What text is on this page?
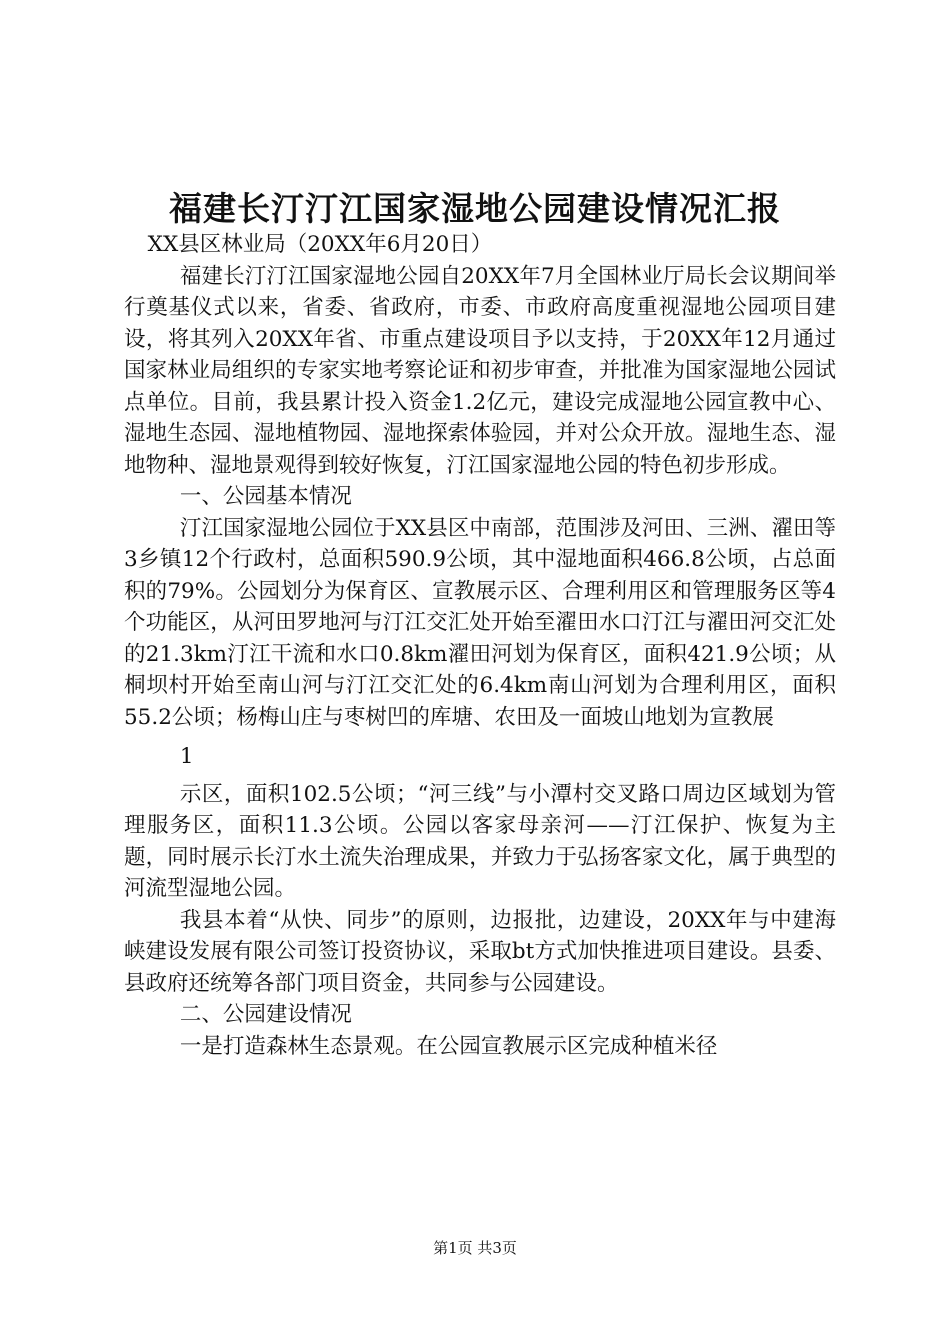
福建长汀汀江国家湿地公园建设情况汇报

XX县区林业局（20XX年6月20日）

福建长汀汀江国家湿地公园自20XX年7月全国林业厅局长会议期间举行奠基仪式以来，省委、省政府，市委、市政府高度重视湿地公园项目建设，将其列入20XX年省、市重点建设项目予以支持，于20XX年12月通过国家林业局组织的专家实地考察论证和初步审查，并批准为国家湿地公园试点单位。目前，我县累计投入资金1.2亿元，建设完成湿地公园宣教中心、湿地生态园、湿地植物园、湿地探索体验园，并对公众开放。湿地生态、湿地物种、湿地景观得到较好恢复，汀江国家湿地公园的特色初步形成。

一、公园基本情况

汀江国家湿地公园位于XX县区中南部，范围涉及河田、三洲、濯田等3乡镇12个行政村，总面积590.9公顷，其中湿地面积466.8公顷，占总面积的79%。公园划分为保育区、宣教展示区、合理利用区和管理服务区等4个功能区，从河田罗地河与汀江交汇处开始至濯田水口汀江与濯田河交汇处的21.3km汀江干流和水口0.8km濯田河划为保育区，面积421.9公顷；从桐坝村开始至南山河与汀江交汇处的6.4km南山河划为合理利用区，面积55.2公顷；杨梅山庄与枣树凹的库塘、农田及一面坡山地划为宣教展

1

示区，面积102.5公顷；“河三线”与小潭村交叉路口周边区域划为管理服务区，面积11.3公顷。公园以客家母亲河——汀江保护、恢复为主题，同时展示长汀水土流失治理成果，并致力于弘扬客家文化，属于典型的河流型湿地公园。

我县本着“从快、同步”的原则，边报批，边建设，20XX年与中建海峡建设发展有限公司签订投资协议，采取bt方式加快推进项目建设。县委、县政府还统筹各部门项目资金，共同参与公园建设。

二、公园建设情况

一是打造森林生态景观。在公园宣教展示区完成种植米径

第1页 共3页
